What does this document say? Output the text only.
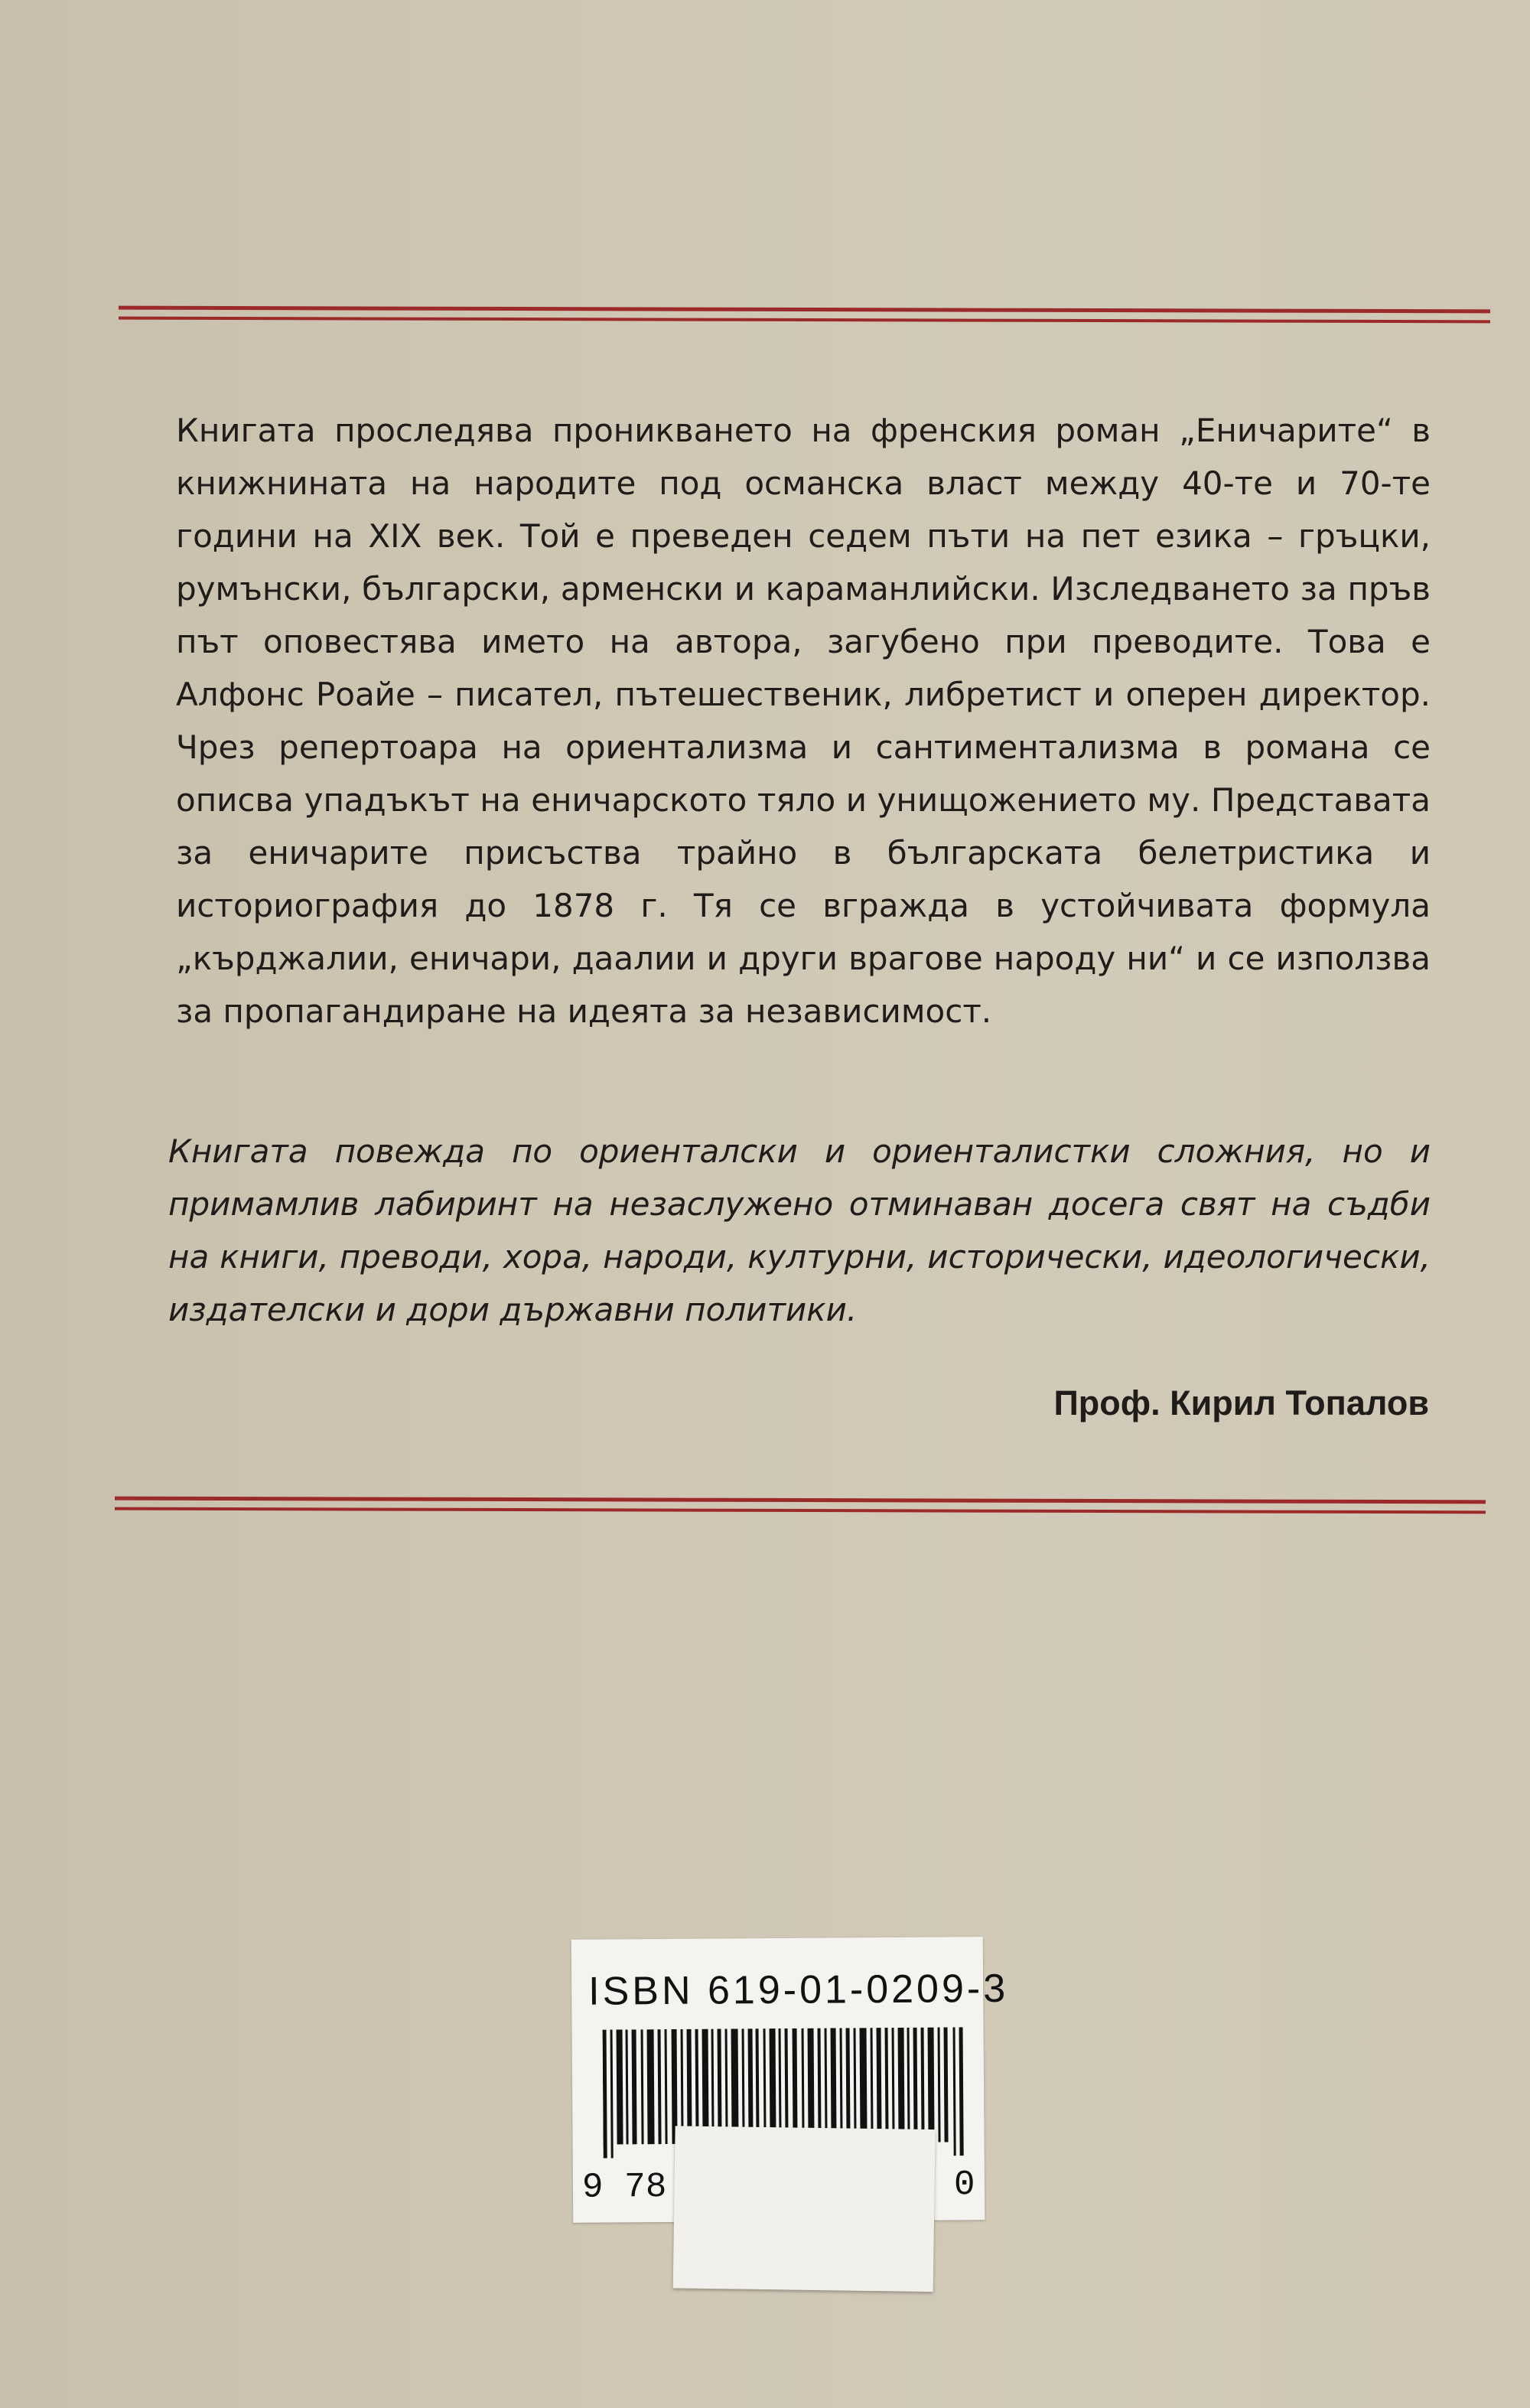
Книгата проследява проникването на френския роман „Еничарите“ в книжнината на народите под османска власт между 40-те и 70-те години на XIX век. Той е преведен седем пъти на пет езика – гръцки, румънски, български, арменски и караманлийски. Изследването за пръв път оповестява името на автора, загубено при преводите. Това е Алфонс Роайе – писател, пътешественик, либретист и оперен директор. Чрез репертоара на ориентализма и сантиментализма в романа се описва упадъкът на еничарското тяло и унищожението му. Представата за еничарите присъства трайно в българската белетристика и историография до 1878 г. Тя се вгражда в устойчивата формула „кърджалии, еничари, даалии и други врагове народу ни“ и се използва за пропагандиране на идеята за независимост.

Книгата повежда по ориенталски и ориенталистки сложния, но и примамлив лабиринт на незаслужено отминаван досега свят на съдби на книги, преводи, хора, народи, културни, исторически, идеологически, издателски и дори държавни политики.

Проф. Кирил Топалов
ISBN 619-01-0209-3
9 78	0
